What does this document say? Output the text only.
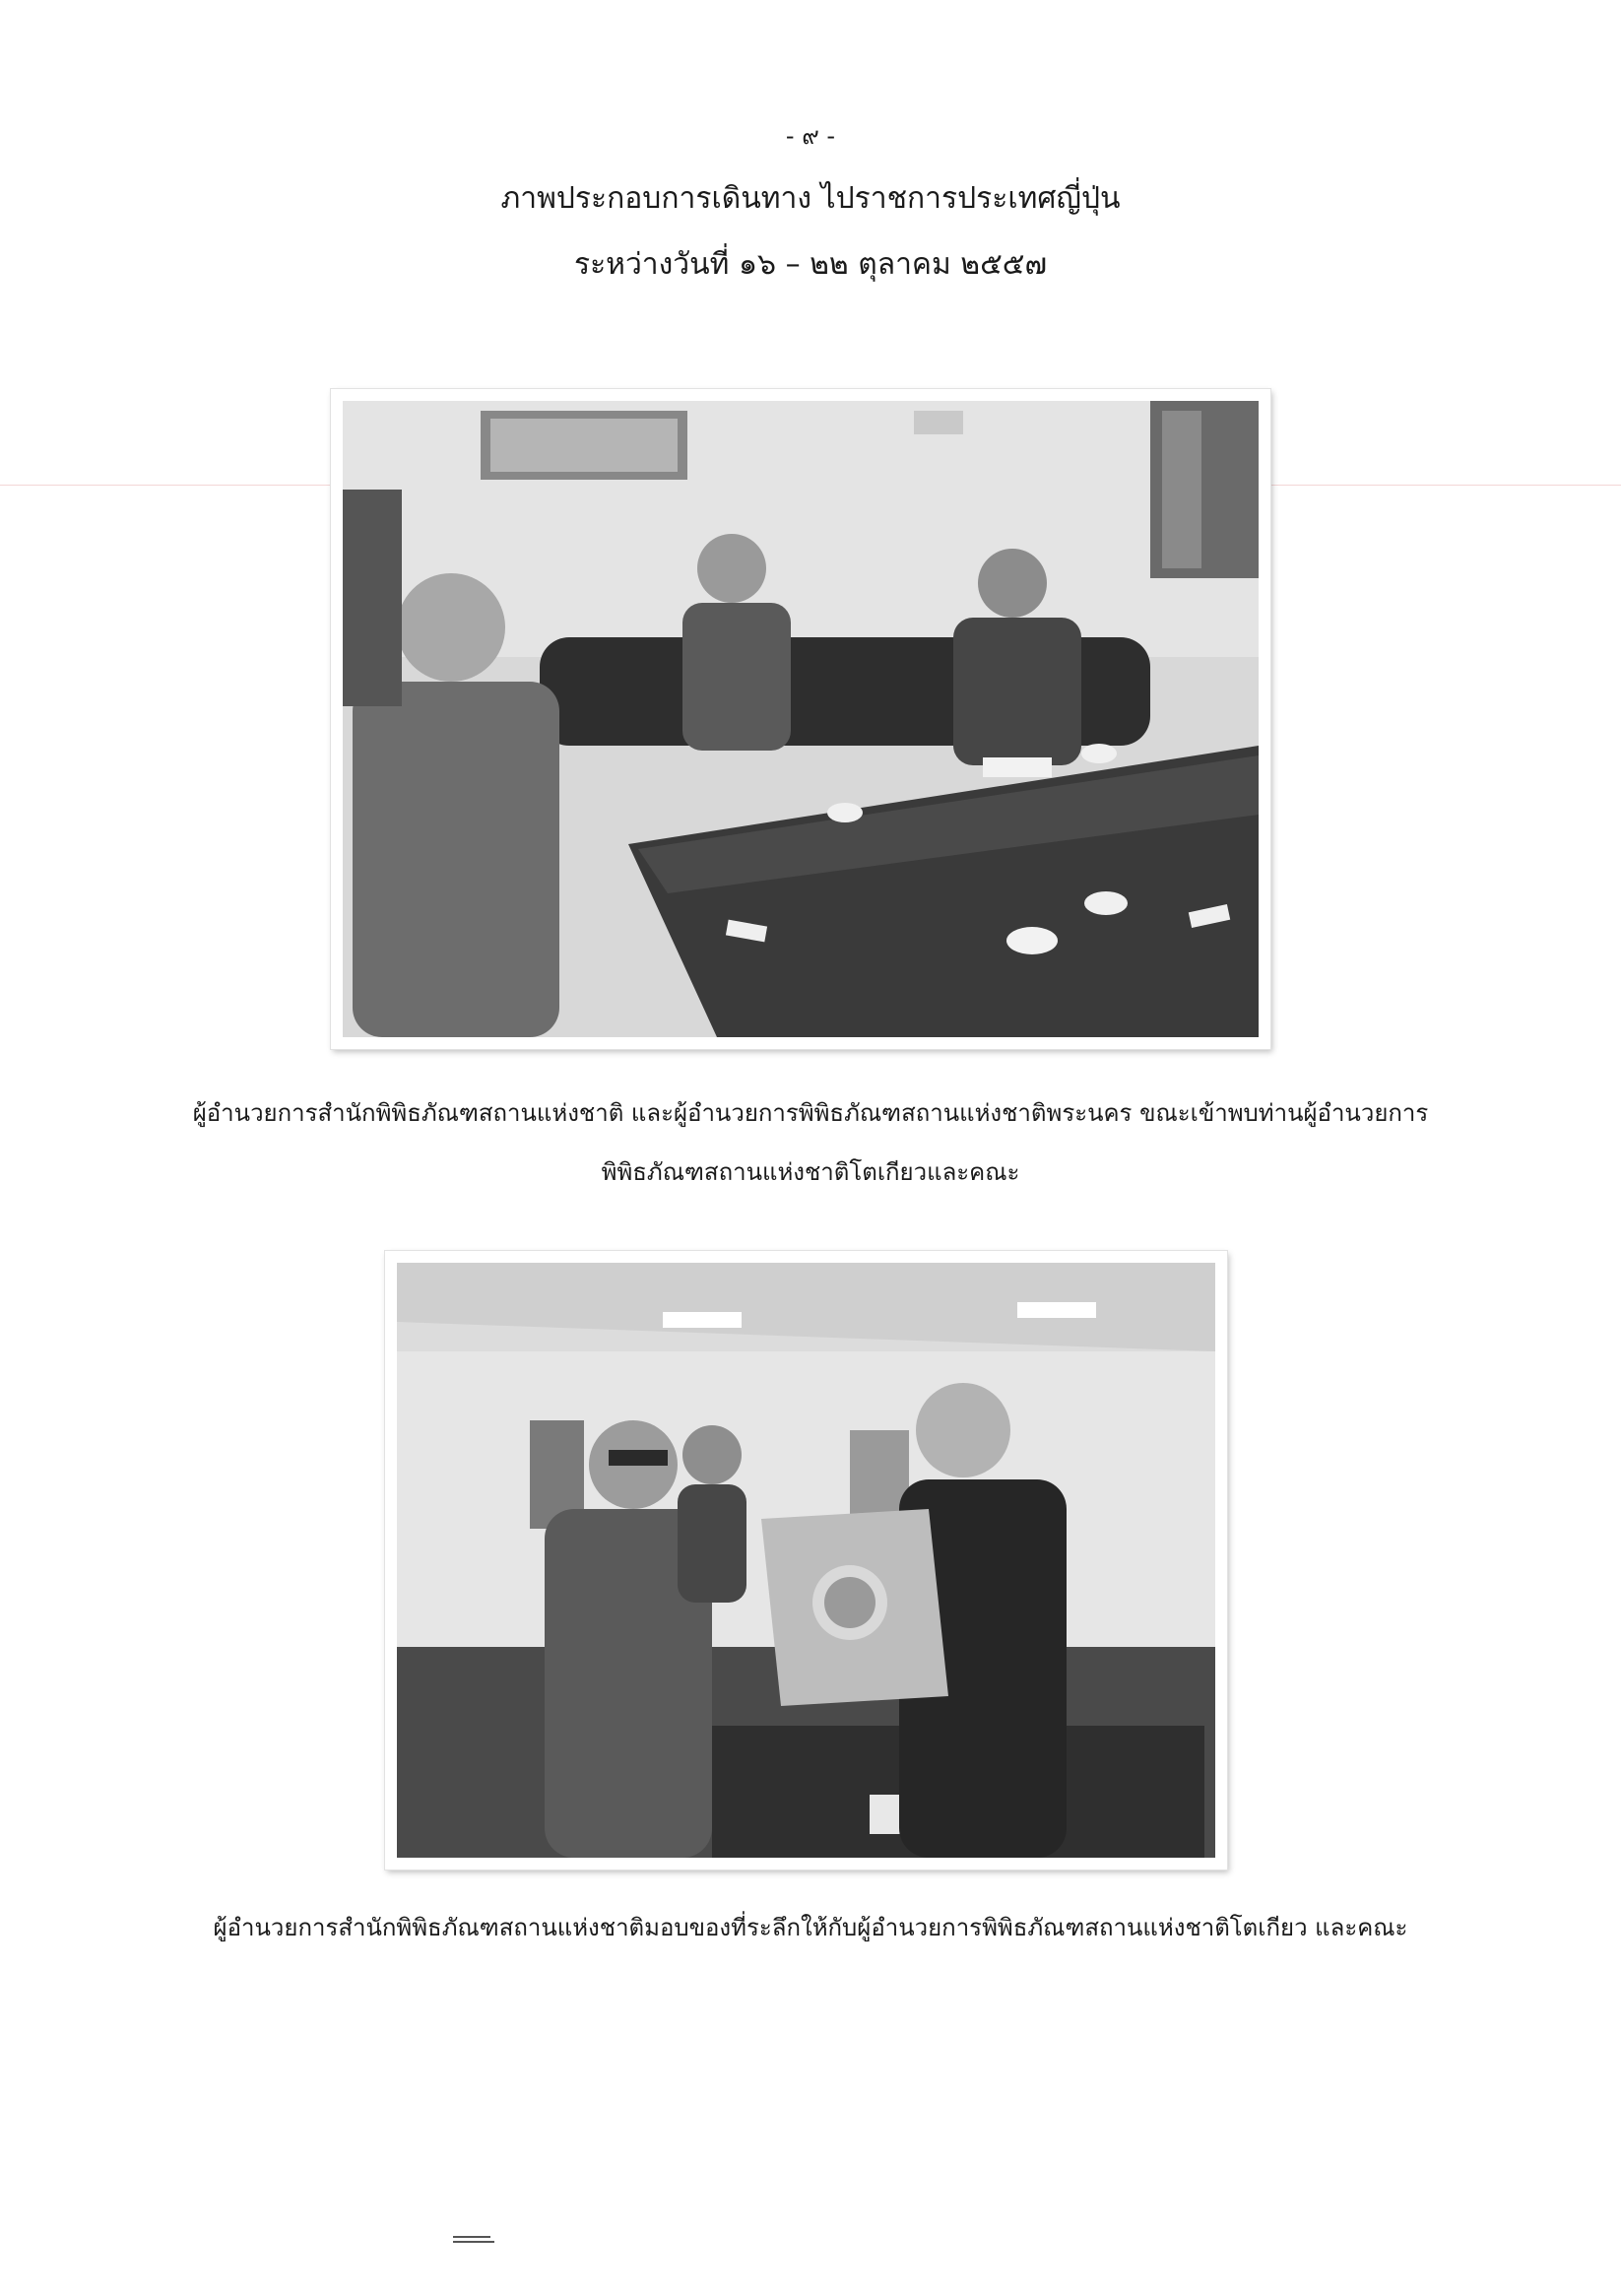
- ๙ -
ภาพประกอบการเดินทาง ไปราชการประเทศญี่ปุ่น
ระหว่างวันที่ ๑๖ – ๒๒ ตุลาคม ๒๕๕๗
ผู้อำนวยการสำนักพิพิธภัณฑสถานแห่งชาติ และผู้อำนวยการพิพิธภัณฑสถานแห่งชาติพระนคร ขณะเข้าพบท่านผู้อำนวยการ
พิพิธภัณฑสถานแห่งชาติโตเกียวและคณะ
ผู้อำนวยการสำนักพิพิธภัณฑสถานแห่งชาติมอบของที่ระลึกให้กับผู้อำนวยการพิพิธภัณฑสถานแห่งชาติโตเกียว และคณะ
